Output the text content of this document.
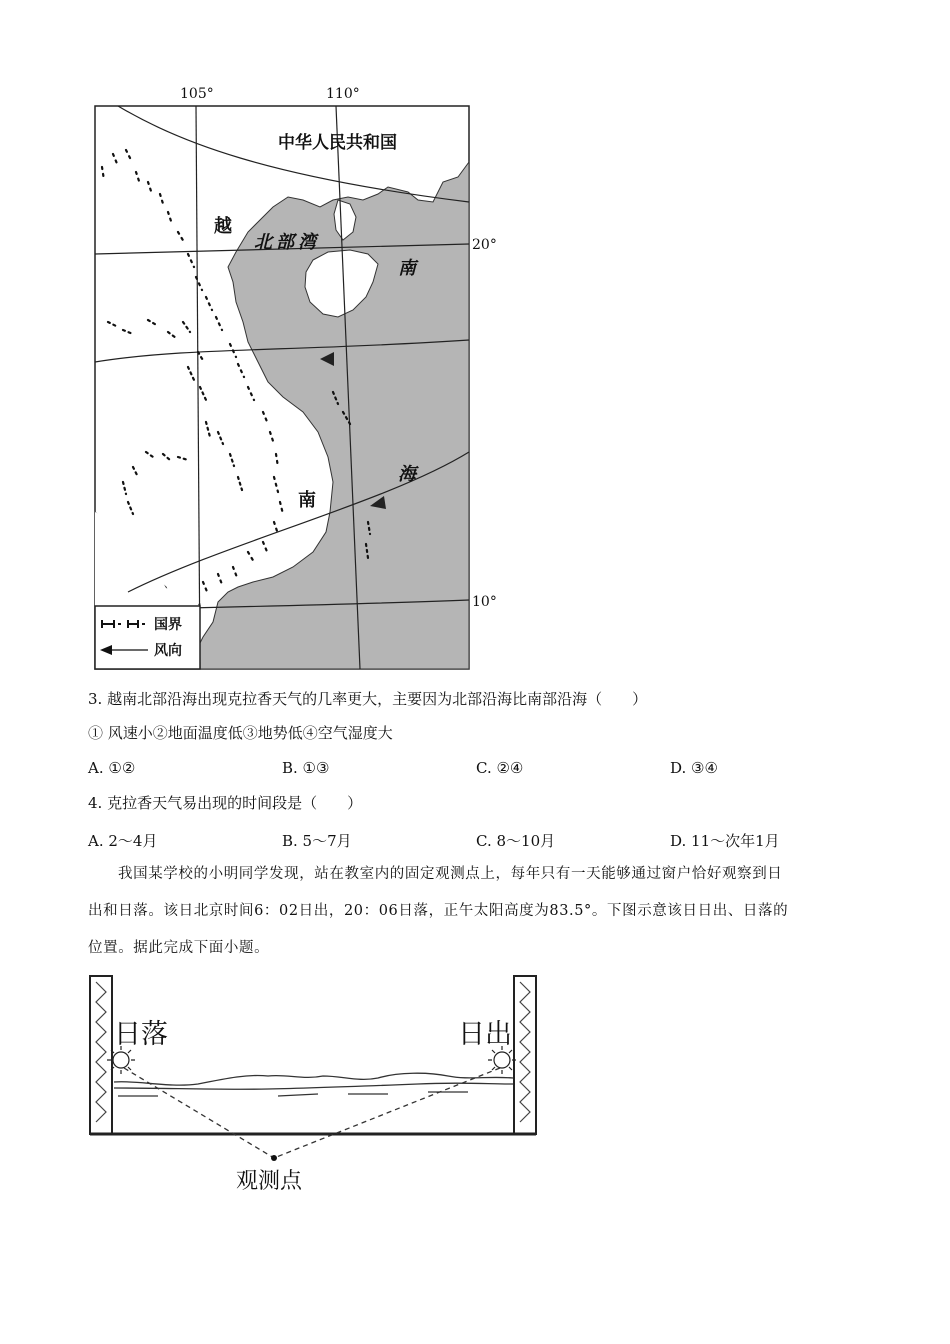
105°	110°
20°
10°
中华人民共和国
越
南
北部湾
南
海
国界
风向
3. 越南北部沿海出现克拉香天气的几率更大，主要因为北部沿海比南部沿海（　　）
① 风速小②地面温度低③地势低④空气湿度大
A. ①②	B. ①③	C. ②④	D. ③④
4. 克拉香天气易出现的时间段是（　　）
A. 2～4月	B. 5～7月	C. 8～10月	D. 11～次年1月
我国某学校的小明同学发现，站在教室内的固定观测点上，每年只有一天能够通过窗户恰好观察到日
出和日落。该日北京时间6：02日出，20：06日落，正午太阳高度为83.5°。下图示意该日日出、日落的
位置。据此完成下面小题。
日落	日出
观测点
